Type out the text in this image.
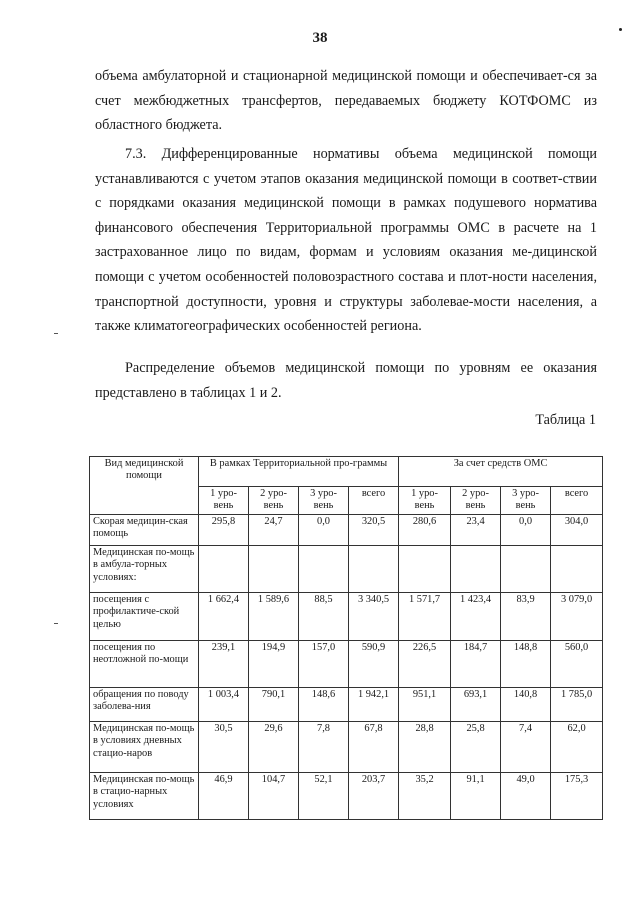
38

объема амбулаторной и стационарной медицинской помощи и обеспечивает-ся за счет межбюджетных трансфертов, передаваемых бюджету КОТФОМС из областного бюджета.

7.3. Дифференцированные нормативы объема медицинской помощи устанавливаются с учетом этапов оказания медицинской помощи в соответ-ствии с порядками оказания медицинской помощи в рамках подушевого норматива финансового обеспечения Территориальной программы ОМС в расчете на 1 застрахованное лицо по видам, формам и условиям оказания ме-дицинской помощи с учетом особенностей половозрастного состава и плот-ности населения, транспортной доступности, уровня и структуры заболевае-мости населения, а также климатогеографических особенностей региона.

Распределение объемов медицинской помощи по уровням ее оказания представлено в таблицах 1 и 2.

Таблица 1
Вид медицинской помощи	В рамках Территориальной про-граммы				За счет средств ОМС			
	1 уро-вень	2 уро-вень	3 уро-вень	всего	1 уро-вень	2 уро-вень	3 уро-вень	всего
Скорая медицин-ская помощь	295,8	24,7	0,0	320,5	280,6	23,4	0,0	304,0
Медицинская по-мощь в амбула-торных условиях:								
посещения с профилактиче-ской целью	1 662,4	1 589,6	88,5	3 340,5	1 571,7	1 423,4	83,9	3 079,0
посещения по неотложной по-мощи	239,1	194,9	157,0	590,9	226,5	184,7	148,8	560,0
обращения по поводу заболева-ния	1 003,4	790,1	148,6	1 942,1	951,1	693,1	140,8	1 785,0
Медицинская по-мощь в условиях дневных стацио-наров	30,5	29,6	7,8	67,8	28,8	25,8	7,4	62,0
Медицинская по-мощь в стацио-нарных условиях	46,9	104,7	52,1	203,7	35,2	91,1	49,0	175,3
